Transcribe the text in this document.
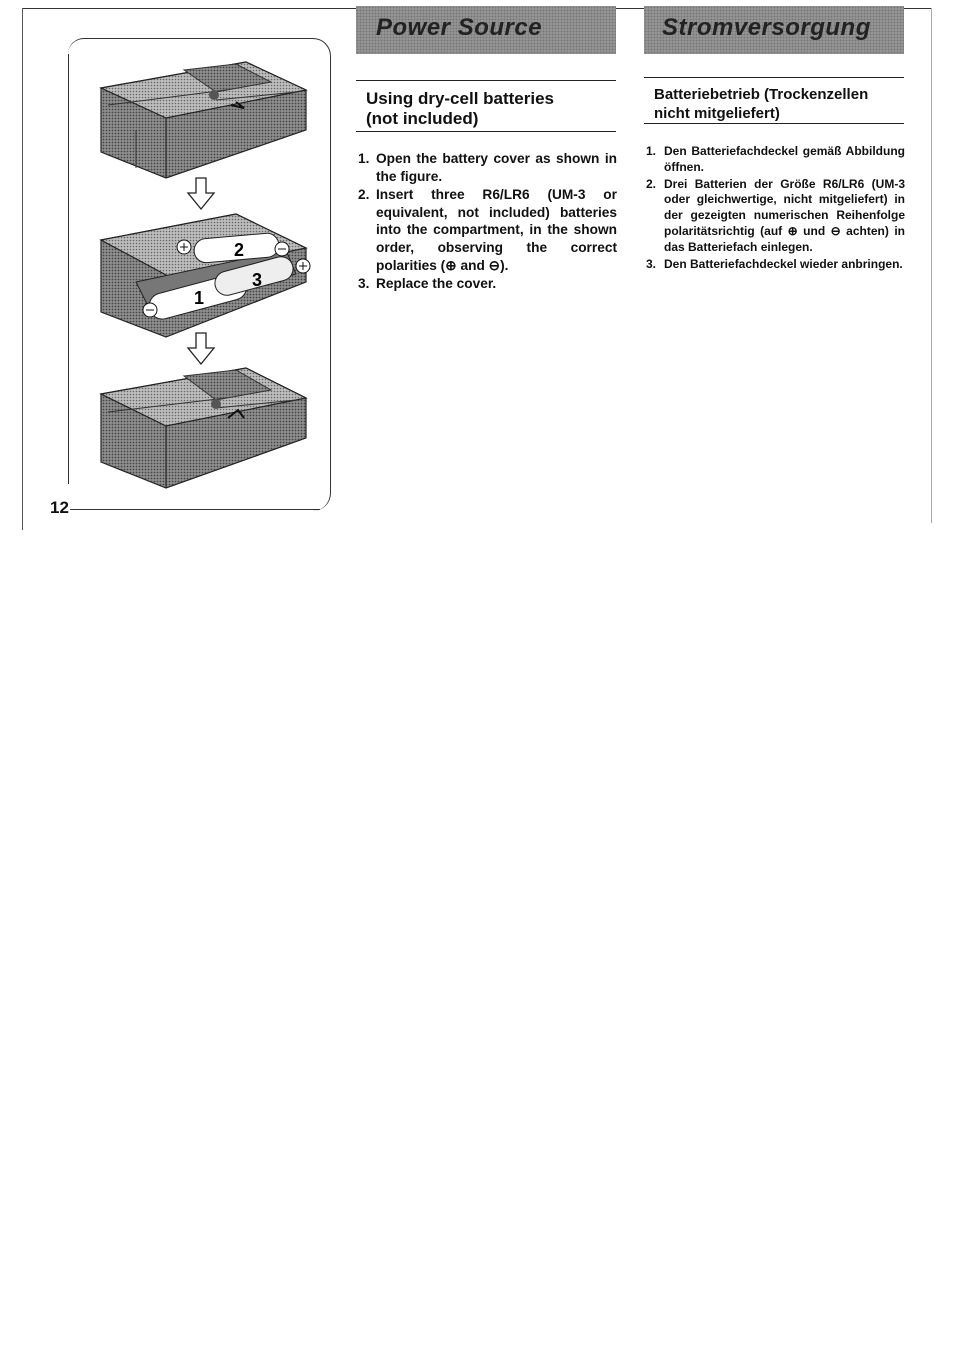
2
1
3
12
Power Source	Stromversorgung
Using dry-cell batteries
(not included)
1. Open the battery cover as shown in the figure.
2. Insert three R6/LR6 (UM-3 or equivalent, not included) batteries into the compartment, in the shown order, observing the correct polarities (⊕ and ⊖).
3. Replace the cover.
Batteriebetrieb (Trockenzellen
nicht mitgeliefert)
1. Den Batteriefachdeckel gemäß Abbildung öffnen.
2. Drei Batterien der Größe R6/LR6 (UM-3 oder gleichwertige, nicht mitgeliefert) in der gezeigten numerischen Reihenfolge polaritätsrichtig (auf ⊕ und ⊖ achten) in das Batteriefach einlegen.
3. Den Batteriefachdeckel wieder anbringen.
